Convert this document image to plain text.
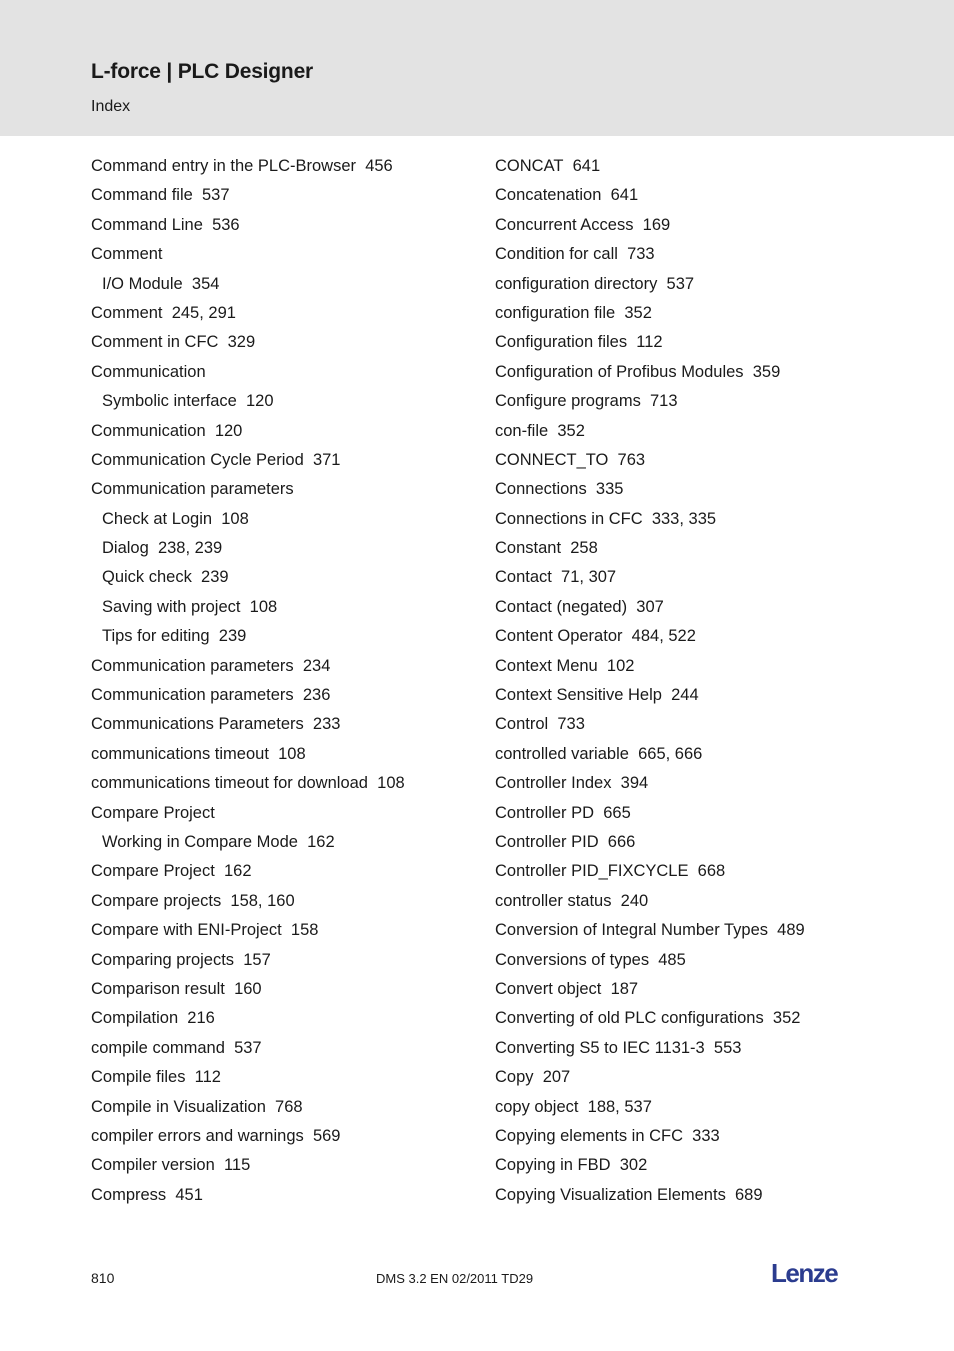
L-force | PLC Designer
Index
Command entry in the PLC-Browser 456
Command file 537
Command Line 536
Comment
I/O Module 354
Comment 245, 291
Comment in CFC 329
Communication
Symbolic interface 120
Communication 120
Communication Cycle Period 371
Communication parameters
Check at Login 108
Dialog 238, 239
Quick check 239
Saving with project 108
Tips for editing 239
Communication parameters 234
Communication parameters 236
Communications Parameters 233
communications timeout 108
communications timeout for download 108
Compare Project
Working in Compare Mode 162
Compare Project 162
Compare projects 158, 160
Compare with ENI-Project 158
Comparing projects 157
Comparison result 160
Compilation 216
compile command 537
Compile files 112
Compile in Visualization 768
compiler errors and warnings 569
Compiler version 115
Compress 451
CONCAT 641
Concatenation 641
Concurrent Access 169
Condition for call 733
configuration directory 537
configuration file 352
Configuration files 112
Configuration of Profibus Modules 359
Configure programs 713
con-file 352
CONNECT_TO 763
Connections 335
Connections in CFC 333, 335
Constant 258
Contact 71, 307
Contact (negated) 307
Content Operator 484, 522
Context Menu 102
Context Sensitive Help 244
Control 733
controlled variable 665, 666
Controller Index 394
Controller PD 665
Controller PID 666
Controller PID_FIXCYCLE 668
controller status 240
Conversion of Integral Number Types 489
Conversions of types 485
Convert object 187
Converting of old PLC configurations 352
Converting S5 to IEC 1131-3 553
Copy 207
copy object 188, 537
Copying elements in CFC 333
Copying in FBD 302
Copying Visualization Elements 689
810	DMS 3.2 EN 02/2011 TD29	Lenze
